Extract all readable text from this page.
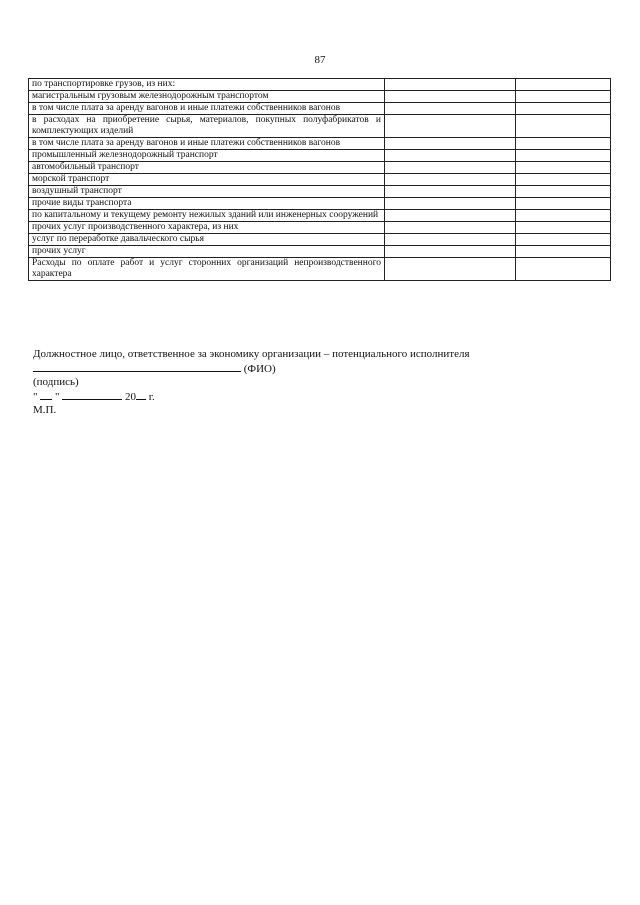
87
по транспортировке грузов, из них:		
магистральным грузовым железнодорожным транспортом		
в том числе плата за аренду вагонов и иные платежи собственников вагонов		
в расходах на приобретение сырья, материалов, покупных полуфабрикатов и комплектующих изделий		
в том числе плата за аренду вагонов и иные платежи собственников вагонов		
промышленный железнодорожный транспорт		
автомобильный транспорт		
морской транспорт		
воздушный транспорт		
прочие виды транспорта		
по капитальному и текущему ремонту нежилых зданий или инженерных сооружений		
прочих услуг производственного характера, из них		
услуг по переработке давальческого сырья		
прочих услуг		
Расходы по оплате работ и услуг сторонних организаций непроизводственного характера		
Должностное лицо, ответственное за экономику организации – потенциального исполнителя
(ФИО)
(подпись)
" "	20 г.
М.П.
